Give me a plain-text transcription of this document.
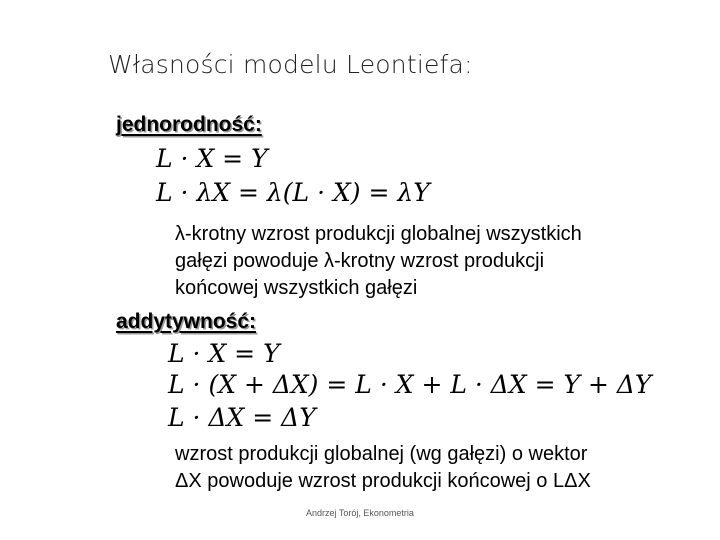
Własności modelu Leontiefa:
jednorodność:
L · X = Y
L · λX = λ(L · X) = λY
λ-krotny wzrost produkcji globalnej wszystkich
gałęzi powoduje λ-krotny wzrost produkcji
końcowej wszystkich gałęzi
addytywność:
L · X = Y
L · (X + ΔX) = L · X + L · ΔX = Y + ΔY
L · ΔX = ΔY
wzrost produkcji globalnej (wg gałęzi) o wektor
ΔX powoduje wzrost produkcji końcowej o LΔX
Andrzej Torój, Ekonometria
